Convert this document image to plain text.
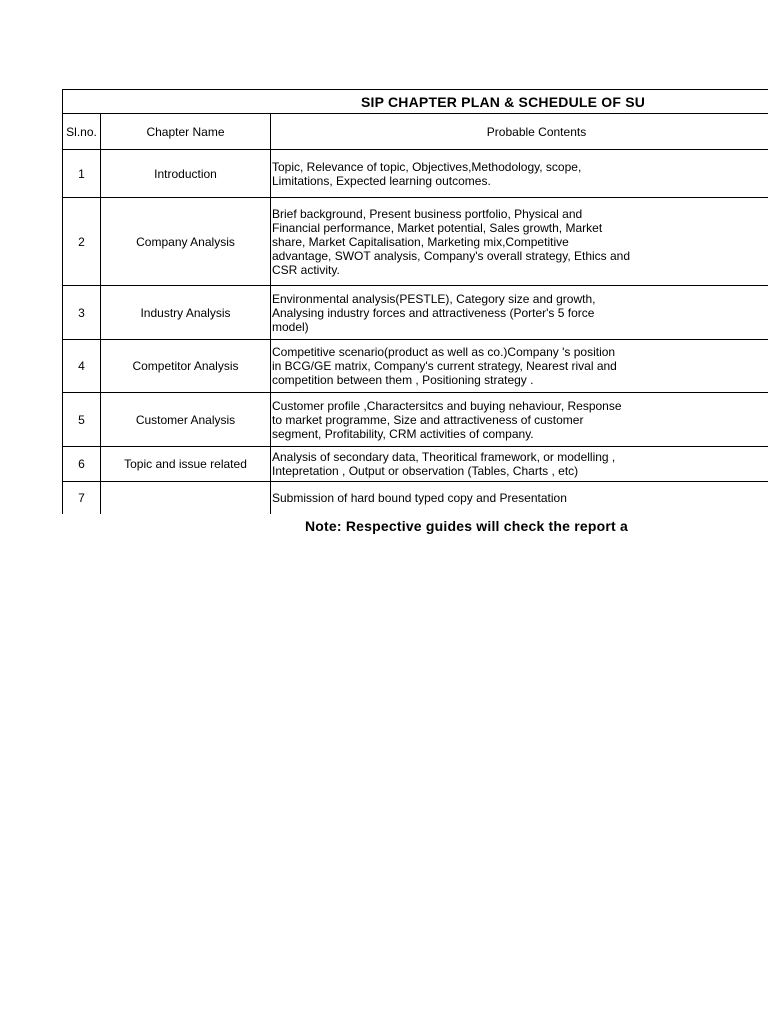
SIP CHAPTER PLAN & SCHEDULE OF SU		
Sl.no.	Chapter Name	Probable Contents
1	Introduction	Topic, Relevance of topic, Objectives,Methodology, scope,
Limitations, Expected learning outcomes.

2	Company Analysis	Brief background, Present business portfolio, Physical and
Financial performance, Market potential, Sales growth, Market
share, Market Capitalisation, Marketing mix,Competitive
advantage, SWOT analysis, Company's overall strategy, Ethics and
CSR activity.

3	Industry Analysis	Environmental analysis(PESTLE), Category size and growth,
Analysing industry forces and attractiveness (Porter's 5 force
model)

4	Competitor Analysis	Competitive scenario(product as well as co.)Company 's position
in BCG/GE matrix, Company's current strategy, Nearest rival and
competition between them , Positioning strategy .

5	Customer Analysis	Customer profile ,Charactersitcs and buying nehaviour, Response
to market programme, Size and attractiveness of customer
segment, Profitability, CRM activities of company.

6	Topic and issue related	Analysis of secondary data, Theoritical framework, or modelling ,
Intepretation , Output or observation (Tables, Charts , etc)

7		Submission of hard bound typed copy and Presentation
Note: Respective guides will check the report a
